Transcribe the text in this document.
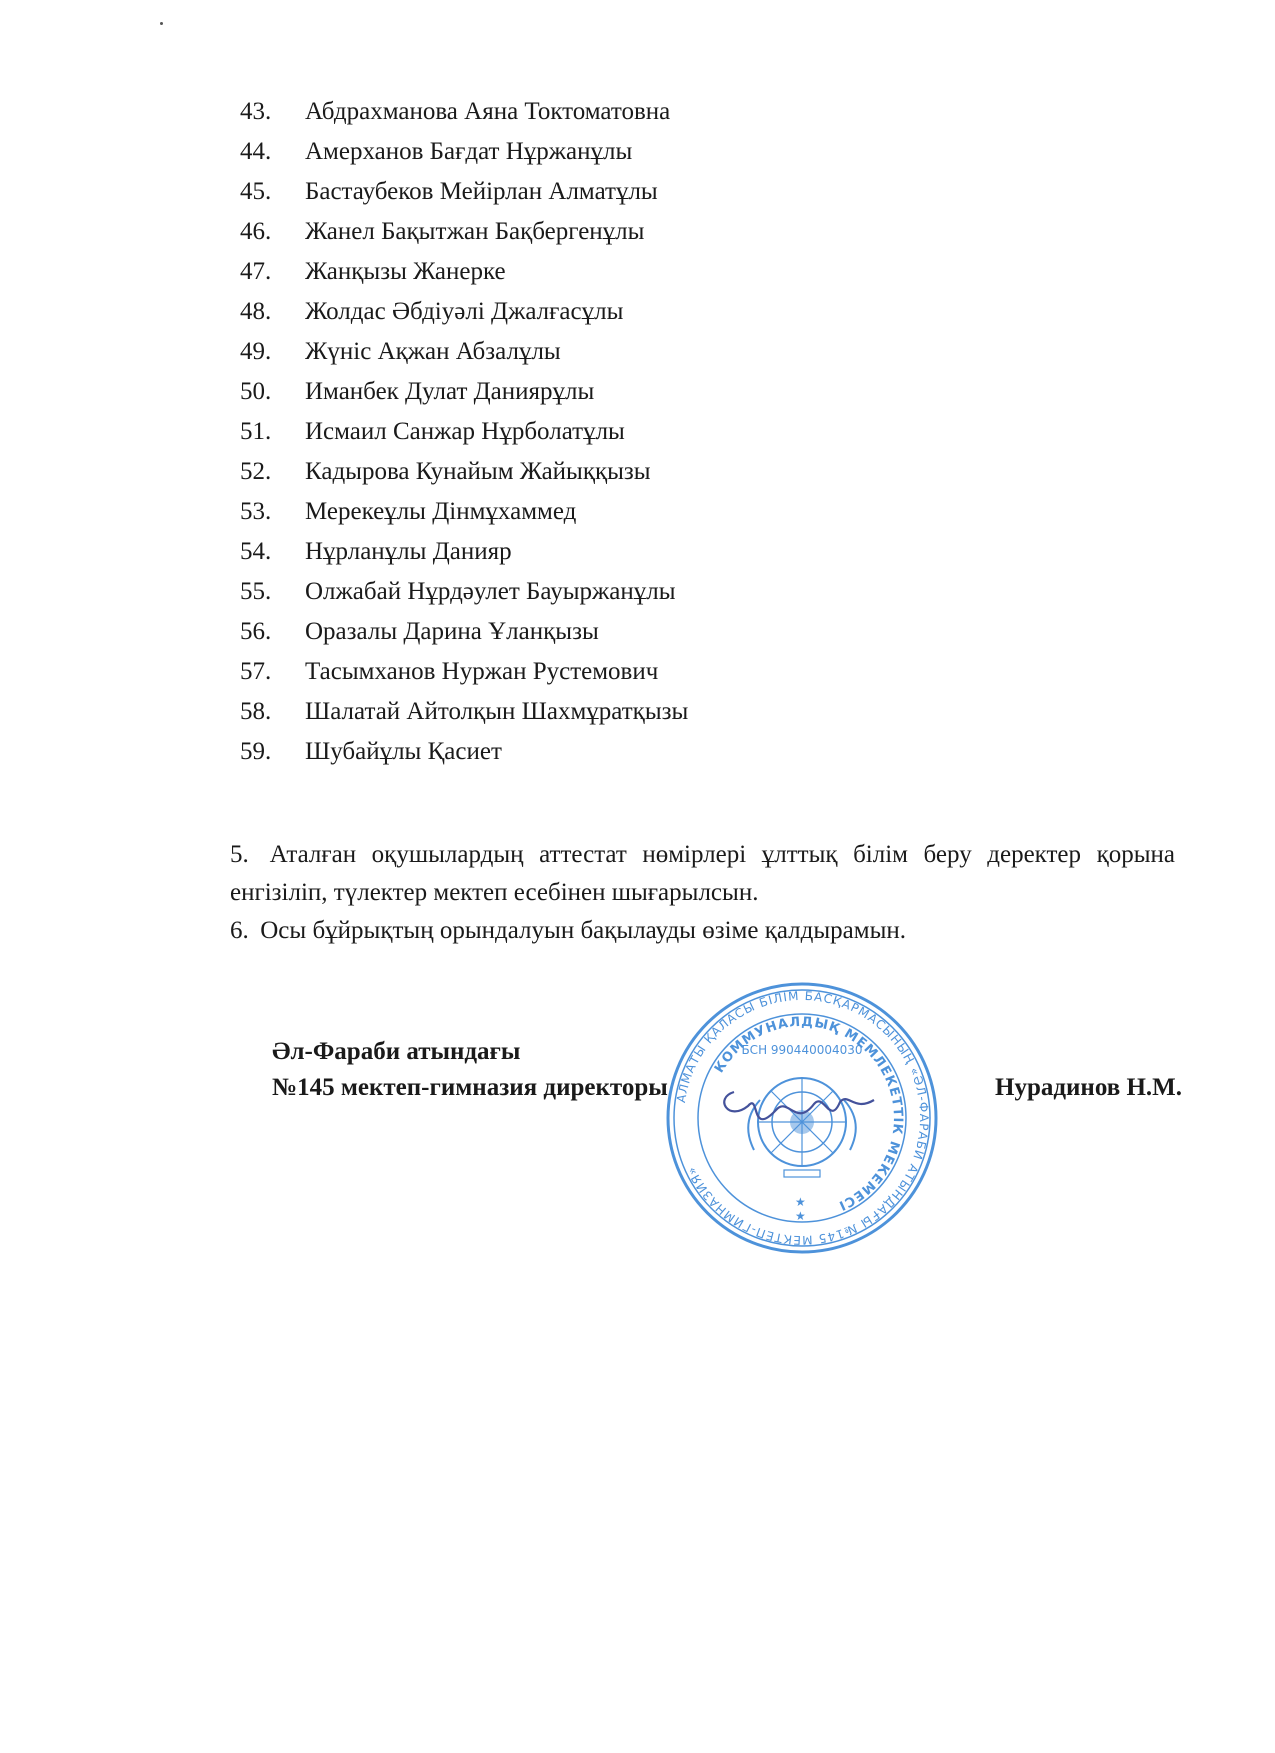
43. Абдрахманова Аяна Токтоматовна
44. Амерханов Бағдат Нұржанұлы
45. Бастаубеков Мейірлан Алматұлы
46. Жанел Бақытжан Бақбергенұлы
47. Жанқызы Жанерке
48. Жолдас Әбдіуәлі Джалғасұлы
49. Жүніс Ақжан Абзалұлы
50. Иманбек Дулат Данияpұлы
51. Исмаил Санжар Нұрболатұлы
52. Кадырова Кунайым Жайыққызы
53. Мерекеұлы Дінмұхаммед
54. Нұрланұлы Данияр
55. Олжабай Нұрдәулет Бауыржанұлы
56. Оразалы Дарина Ұланқызы
57. Тасымханов Нуржан Рустемович
58. Шалатай Айтолқын Шахмұратқызы
59. Шубайұлы Қасиет

5. Аталған оқушылардың аттестат нөмірлері ұлттық білім беру деректер қорына енгізіліп, түлектер мектеп есебінен шығарылсын.

6. Осы бұйрықтың орындалуын бақылауды өзіме қалдырамын.

Әл-Фараби атындағы
№145 мектеп-гимназия директоры	Нурадинов Н.М.
АЛМАТЫ ҚАЛАСЫ БІЛІМ БАСҚАРМАСЫНЫҢ «ӘЛ-ФАРАБИ АТЫНДАҒЫ №145 МЕКТЕП-ГИМНАЗИЯ»
КОММУНАЛДЫҚ МЕМЛЕКЕТТІК МЕКЕМЕСІ
БСН 990440004030
★
★
